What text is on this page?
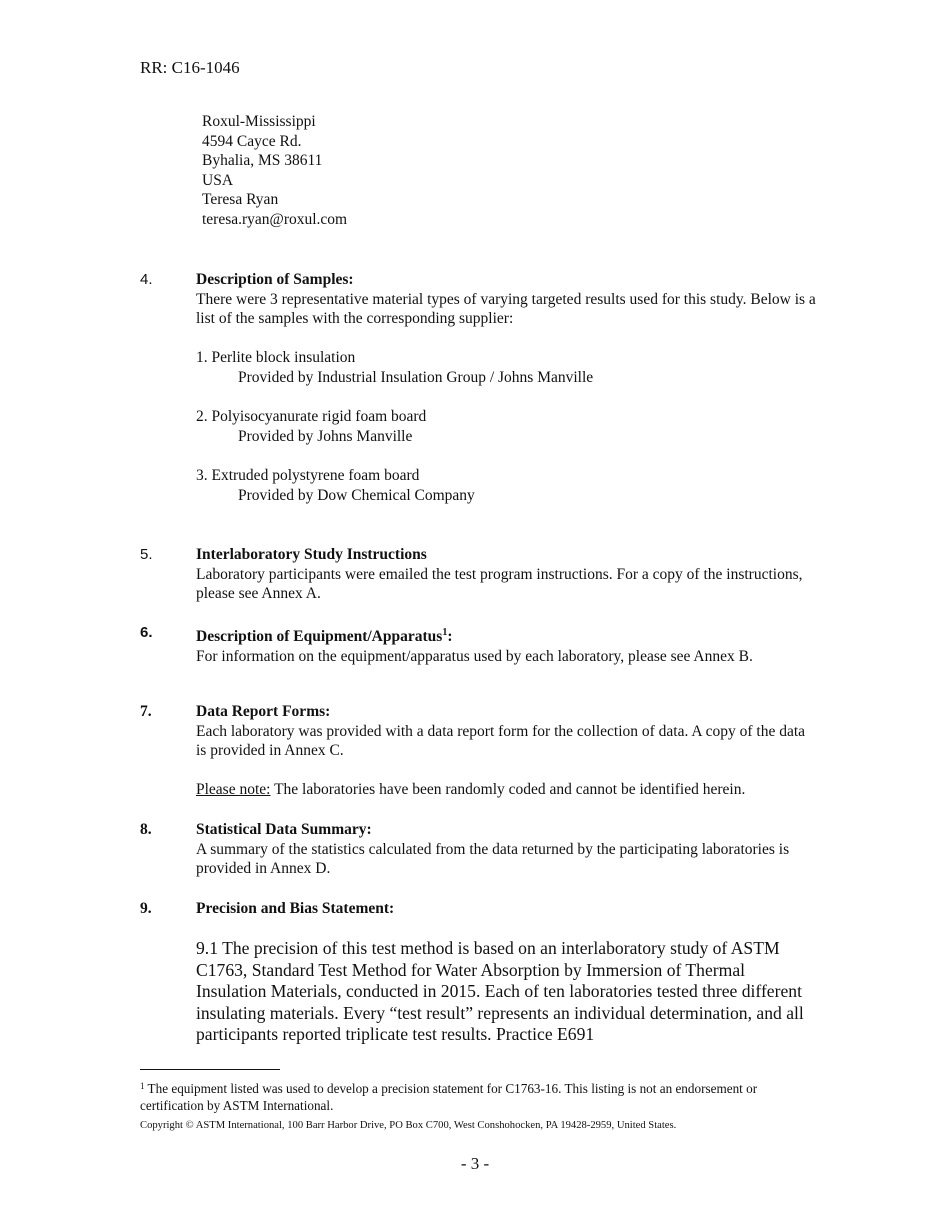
RR: C16-1046
Roxul-Mississippi
4594 Cayce Rd.
Byhalia, MS 38611
USA
Teresa Ryan
teresa.ryan@roxul.com
4.	Description of Samples:
There were 3 representative material types of varying targeted results used for this study. Below is a list of the samples with the corresponding supplier:
1. Perlite block insulation
Provided by Industrial Insulation Group / Johns Manville
2. Polyisocyanurate rigid foam board
Provided by Johns Manville
3. Extruded polystyrene foam board
Provided by Dow Chemical Company
5.	Interlaboratory Study Instructions
Laboratory participants were emailed the test program instructions. For a copy of the instructions, please see Annex A.
6.	Description of Equipment/Apparatus$^1$:
For information on the equipment/apparatus used by each laboratory, please see Annex B.
7.	Data Report Forms:
Each laboratory was provided with a data report form for the collection of data. A copy of the data is provided in Annex C.
Please note: The laboratories have been randomly coded and cannot be identified herein.
8.	Statistical Data Summary:
A summary of the statistics calculated from the data returned by the participating laboratories is provided in Annex D.
9.	Precision and Bias Statement:
9.1 The precision of this test method is based on an interlaboratory study of ASTM C1763, Standard Test Method for Water Absorption by Immersion of Thermal Insulation Materials, conducted in 2015. Each of ten laboratories tested three different insulating materials. Every “test result” represents an individual determination, and all participants reported triplicate test results. Practice E691
$^1$ The equipment listed was used to develop a precision statement for C1763-16. This listing is not an endorsement or certification by ASTM International.
Copyright © ASTM International, 100 Barr Harbor Drive, PO Box C700, West Conshohocken, PA 19428-2959, United States.
- 3 -
